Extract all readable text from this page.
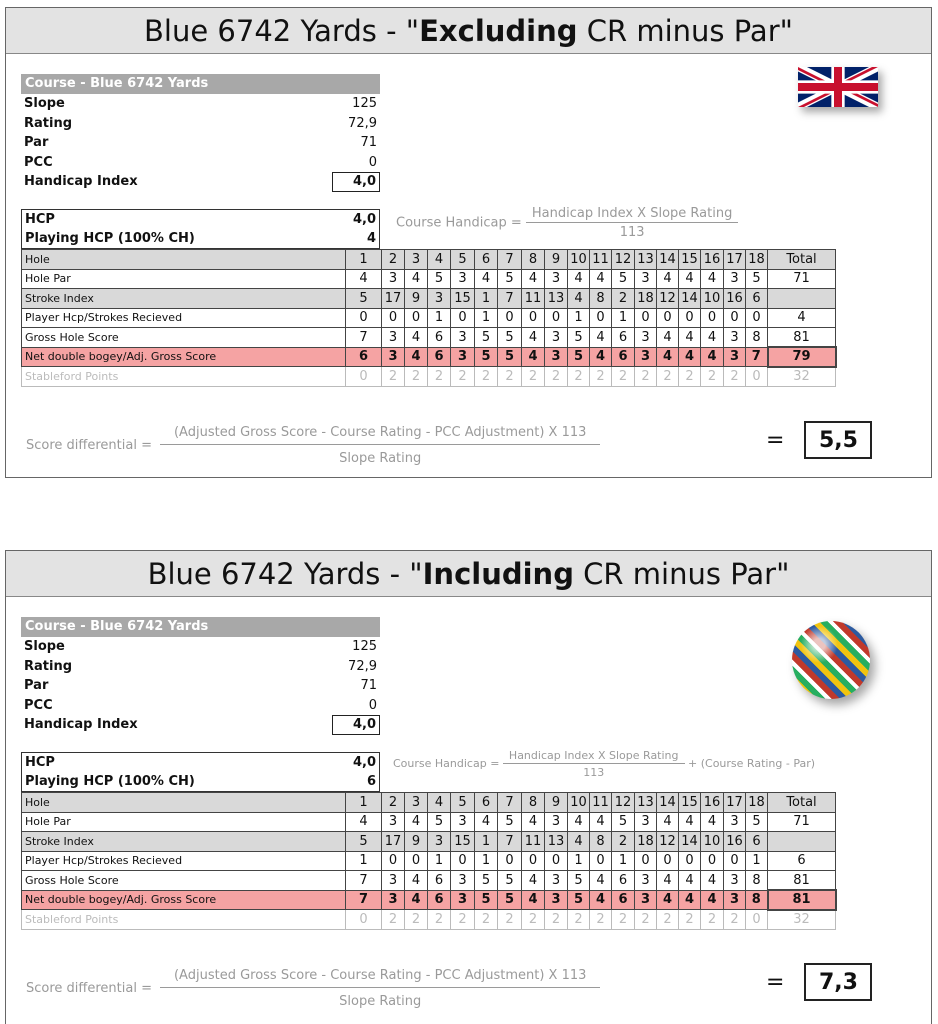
Blue 6742 Yards - "Excluding CR minus Par"
Course - Blue 6742 Yards
Slope	125
Rating	72,9
Par	71
PCC	0
Handicap Index	4,0
HCP	4,0
Playing HCP (100% CH)	4
Course Handicap = $\frac{\text{Handicap Index X Slope Rating}}{113}$
Hole	1	2	3	4	5	6	7	8	9	10	11	12	13	14	15	16	17	18	Total
Hole Par	4	3	4	5	3	4	5	4	3	4	4	5	3	4	4	4	3	5	71
Stroke Index	5	17	9	3	15	1	7	11	13	4	8	2	18	12	14	10	16	6	
Player Hcp/Strokes Recieved	0	0	0	1	0	1	0	0	0	1	0	1	0	0	0	0	0	0	4
Gross Hole Score	7	3	4	6	3	5	5	4	3	5	4	6	3	4	4	4	3	8	81
Net double bogey/Adj. Gross Score	6	3	4	6	3	5	5	4	3	5	4	6	3	4	4	4	3	7	79
Stableford Points	0	2	2	2	2	2	2	2	2	2	2	2	2	2	2	2	2	0	32
Score differential =
(Adjusted Gross Score - Course Rating - PCC Adjustment) X 113
Slope Rating
=	5,5
Blue 6742 Yards - "Including CR minus Par"
Course - Blue 6742 Yards
Slope	125
Rating	72,9
Par	71
PCC	0
Handicap Index	4,0
HCP	4,0
Playing HCP (100% CH)	6
Course Handicap = $\frac{\text{Handicap Index X Slope Rating}}{113}$ + (Course Rating - Par)
Hole	1	2	3	4	5	6	7	8	9	10	11	12	13	14	15	16	17	18	Total
Hole Par	4	3	4	5	3	4	5	4	3	4	4	5	3	4	4	4	3	5	71
Stroke Index	5	17	9	3	15	1	7	11	13	4	8	2	18	12	14	10	16	6	
Player Hcp/Strokes Recieved	1	0	0	1	0	1	0	0	0	1	0	1	0	0	0	0	0	1	6
Gross Hole Score	7	3	4	6	3	5	5	4	3	5	4	6	3	4	4	4	3	8	81
Net double bogey/Adj. Gross Score	7	3	4	6	3	5	5	4	3	5	4	6	3	4	4	4	3	8	81
Stableford Points	0	2	2	2	2	2	2	2	2	2	2	2	2	2	2	2	2	0	32
Score differential =
(Adjusted Gross Score - Course Rating - PCC Adjustment) X 113
Slope Rating
=	7,3
